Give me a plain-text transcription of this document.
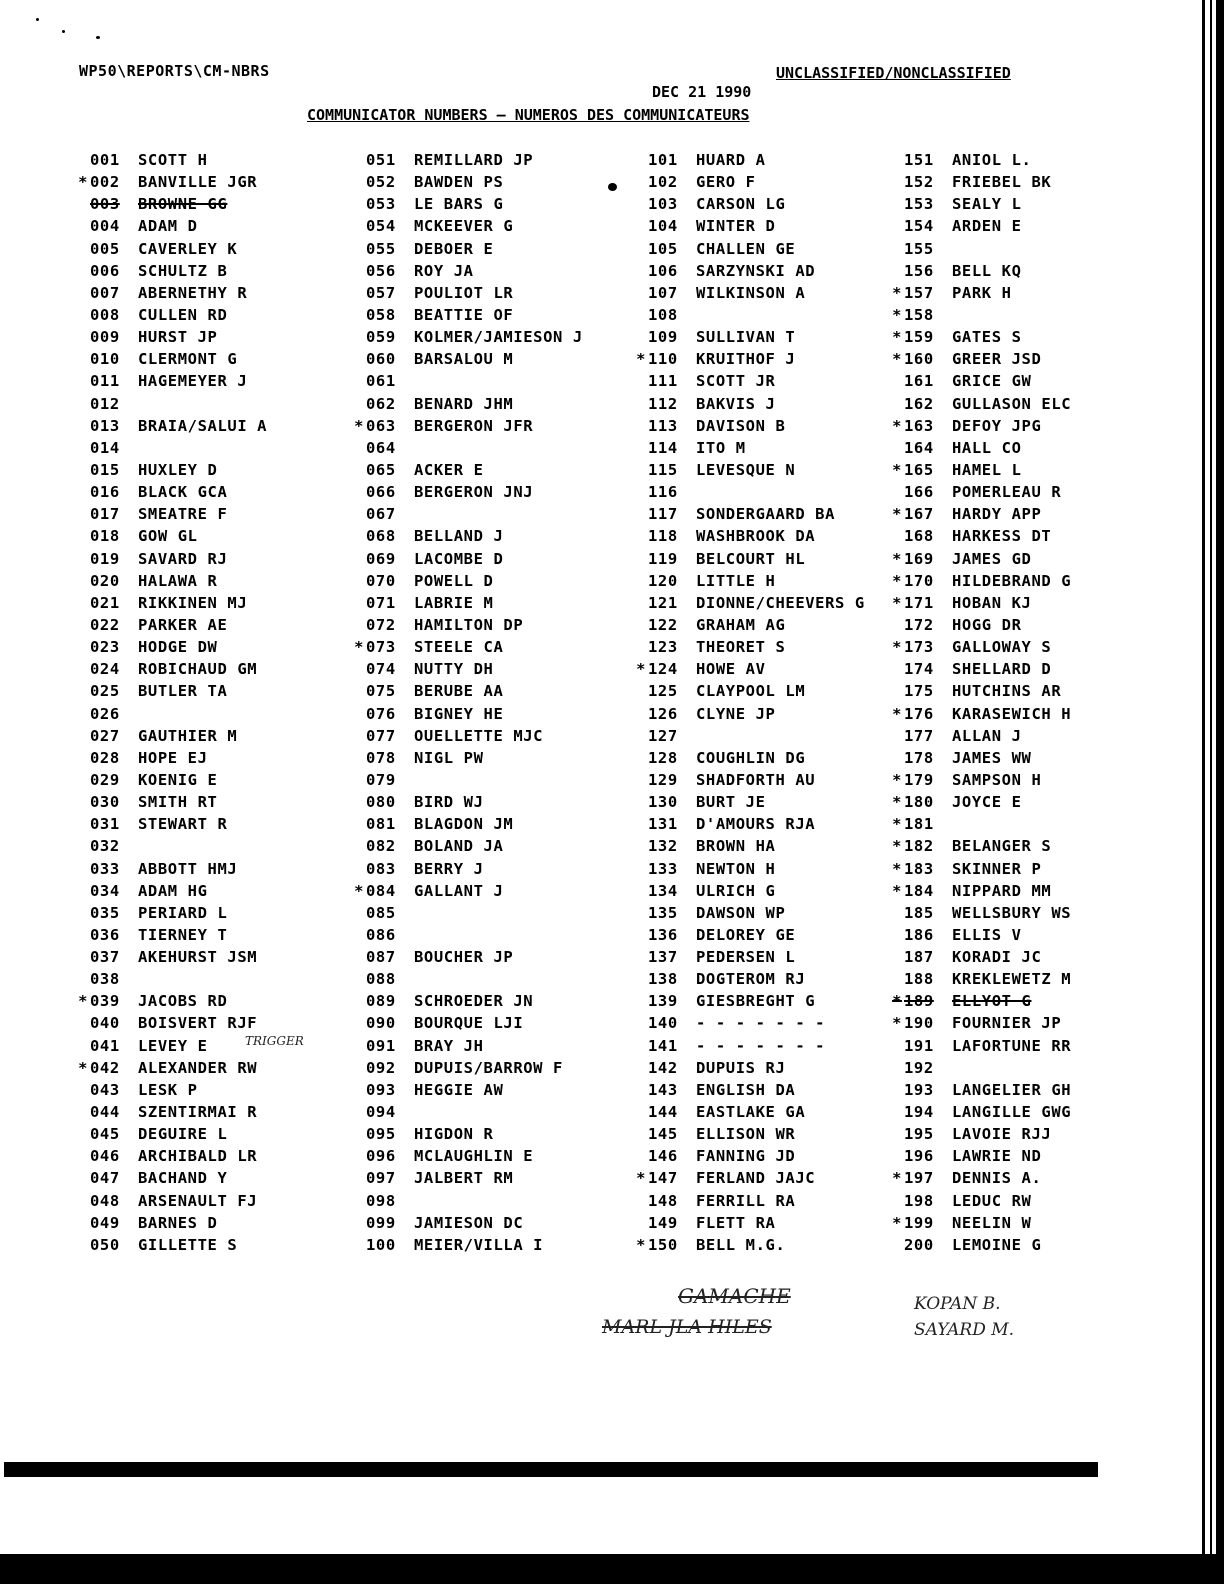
WP50\REPORTS\CM-NBRS	UNCLASSIFIED/NONCLASSIFIED
DEC 21 1990
COMMUNICATOR NUMBERS — NUMEROS DES COMMUNICATEURS
001	SCOTT H
* 002	BANVILLE JGR
003	BROWNE GG
004	ADAM D
005	CAVERLEY K
006	SCHULTZ B
007	ABERNETHY R
008	CULLEN RD
009	HURST JP
010	CLERMONT G
011	HAGEMEYER J
012
013	BRAIA/SALUI A
014
015	HUXLEY D
016	BLACK GCA
017	SMEATRE F
018	GOW GL
019	SAVARD RJ
020	HALAWA R
021	RIKKINEN MJ
022	PARKER AE
023	HODGE DW
024	ROBICHAUD GM
025	BUTLER TA
026
027	GAUTHIER M
028	HOPE EJ
029	KOENIG E
030	SMITH RT
031	STEWART R
032
033	ABBOTT HMJ
034	ADAM HG
035	PERIARD L
036	TIERNEY T
037	AKEHURST JSM
038
* 039	JACOBS RD
040	BOISVERT RJF
041	LEVEY E
* 042	ALEXANDER RW
043	LESK P
044	SZENTIRMAI R
045	DEGUIRE L
046	ARCHIBALD LR
047	BACHAND Y
048	ARSENAULT FJ
049	BARNES D
050	GILLETTE S
051	REMILLARD JP
052	BAWDEN PS
053	LE BARS G
054	MCKEEVER G
055	DEBOER E
056	ROY JA
057	POULIOT LR
058	BEATTIE OF
059	KOLMER/JAMIESON J
060	BARSALOU M
061
062	BENARD JHM
* 063	BERGERON JFR
064
065	ACKER E
066	BERGERON JNJ
067
068	BELLAND J
069	LACOMBE D
070	POWELL D
071	LABRIE M
072	HAMILTON DP
* 073	STEELE CA
074	NUTTY DH
075	BERUBE AA
076	BIGNEY HE
077	OUELLETTE MJC
078	NIGL PW
079
080	BIRD WJ
081	BLAGDON JM
082	BOLAND JA
083	BERRY J
* 084	GALLANT J
085
086
087	BOUCHER JP
088
089	SCHROEDER JN
090	BOURQUE LJI
091	BRAY JH
092	DUPUIS/BARROW F
093	HEGGIE AW
094
095	HIGDON R
096	MCLAUGHLIN E
097	JALBERT RM
098
099	JAMIESON DC
100	MEIER/VILLA I
101	HUARD A
102	GERO F
103	CARSON LG
104	WINTER D
105	CHALLEN GE
106	SARZYNSKI AD
107	WILKINSON A
108
109	SULLIVAN T
* 110	KRUITHOF J
111	SCOTT JR
112	BAKVIS J
113	DAVISON B
114	ITO M
115	LEVESQUE N
116
117	SONDERGAARD BA
118	WASHBROOK DA
119	BELCOURT HL
120	LITTLE H
121	DIONNE/CHEEVERS G
122	GRAHAM AG
123	THEORET S
* 124	HOWE AV
125	CLAYPOOL LM
126	CLYNE JP
127
128	COUGHLIN DG
129	SHADFORTH AU
130	BURT JE
131	D'AMOURS RJA
132	BROWN HA
133	NEWTON H
134	ULRICH G
135	DAWSON WP
136	DELOREY GE
137	PEDERSEN L
138	DOGTEROM RJ
139	GIESBREGHT G
140	- - - - - - -
141	- - - - - - -
142	DUPUIS RJ
143	ENGLISH DA
144	EASTLAKE GA
145	ELLISON WR
146	FANNING JD
* 147	FERLAND JAJC
148	FERRILL RA
149	FLETT RA
* 150	BELL M.G.
151	ANIOL L.
152	FRIEBEL BK
153	SEALY L
154	ARDEN E
155
156	BELL KQ
* 157	PARK H
* 158
* 159	GATES S
* 160	GREER JSD
161	GRICE GW
162	GULLASON ELC
* 163	DEFOY JPG
164	HALL CO
* 165	HAMEL L
166	POMERLEAU R
* 167	HARDY APP
168	HARKESS DT
* 169	JAMES GD
* 170	HILDEBRAND G
* 171	HOBAN KJ
172	HOGG DR
* 173	GALLOWAY S
174	SHELLARD D
175	HUTCHINS AR
* 176	KARASEWICH H
177	ALLAN J
178	JAMES WW
* 179	SAMPSON H
* 180	JOYCE E
* 181
* 182	BELANGER S
* 183	SKINNER P
* 184	NIPPARD MM
185	WELLSBURY WS
186	ELLIS V
187	KORADI JC
188	KREKLEWETZ M
* 189	ELLYOT G
* 190	FOURNIER JP
191	LAFORTUNE RR
192
193	LANGELIER GH
194	LANGILLE GWG
195	LAVOIE RJJ
196	LAWRIE ND
* 197	DENNIS A.
198	LEDUC RW
* 199	NEELIN W
200	LEMOINE G
TRIGGER
GAMACHE
MARL JLA HILES
KOPAN B.
SAYARD M.
